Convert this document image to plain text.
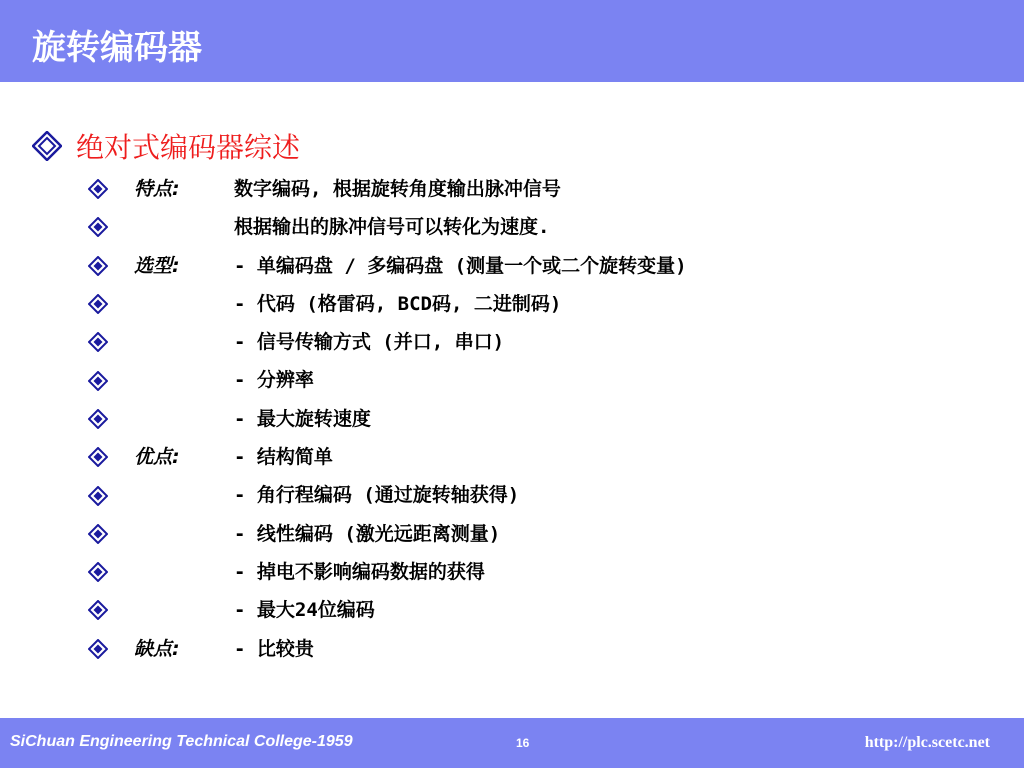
旋转编码器
绝对式编码器综述
特点:	数字编码, 根据旋转角度输出脉冲信号
根据输出的脉冲信号可以转化为速度.
选型:	- 单编码盘 / 多编码盘 (测量一个或二个旋转变量)
- 代码 (格雷码, BCD码, 二进制码)
- 信号传输方式 (并口, 串口)
- 分辨率
- 最大旋转速度
优点:	- 结构简单
- 角行程编码 (通过旋转轴获得)
- 线性编码 (激光远距离测量)
- 掉电不影响编码数据的获得
- 最大24位编码
缺点:	- 比较贵
SiChuan Engineering Technical College-1959	16	http://plc.scetc.net
